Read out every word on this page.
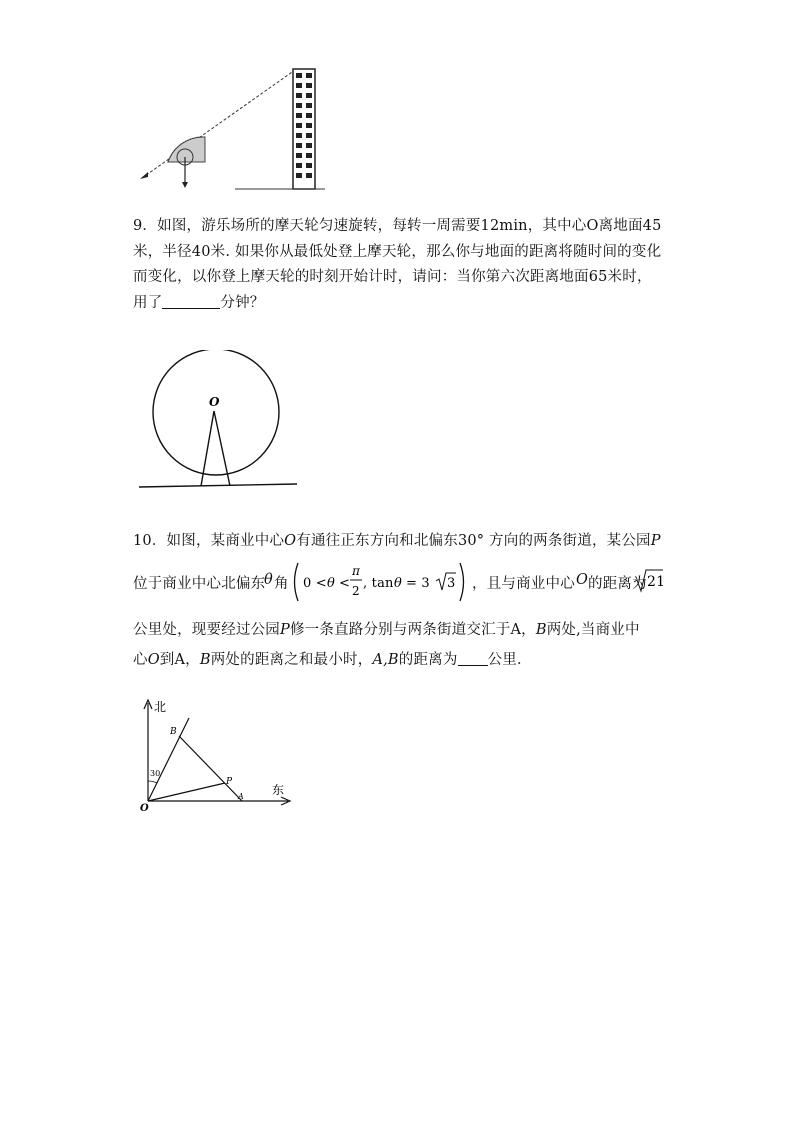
9．如图，游乐场所的摩天轮匀速旋转，每转一周需要12min，其中心O离地面45

米，半径40米. 如果你从最低处登上摩天轮，那么你与地面的距离将随时间的变化

而变化，以你登上摩天轮的时刻开始计时，请问：当你第六次距离地面65米时，

用了	分钟？

O
10．如图，某商业中心O有通往正东方向和北偏东30° 方向的两条街道，某公园P
位于商业中心北偏东
θ 角 0 < θ <
π
2 , tan θ = 3 3 ，且与商业中心 O 的距离为 21
公里处，现要经过公园P修一条直路分别与两条街道交汇于A，B两处,当商业中
心O到A，B两处的距离之和最小时，A,B的距离为 公里．
北
东
30
B
P
A
O
